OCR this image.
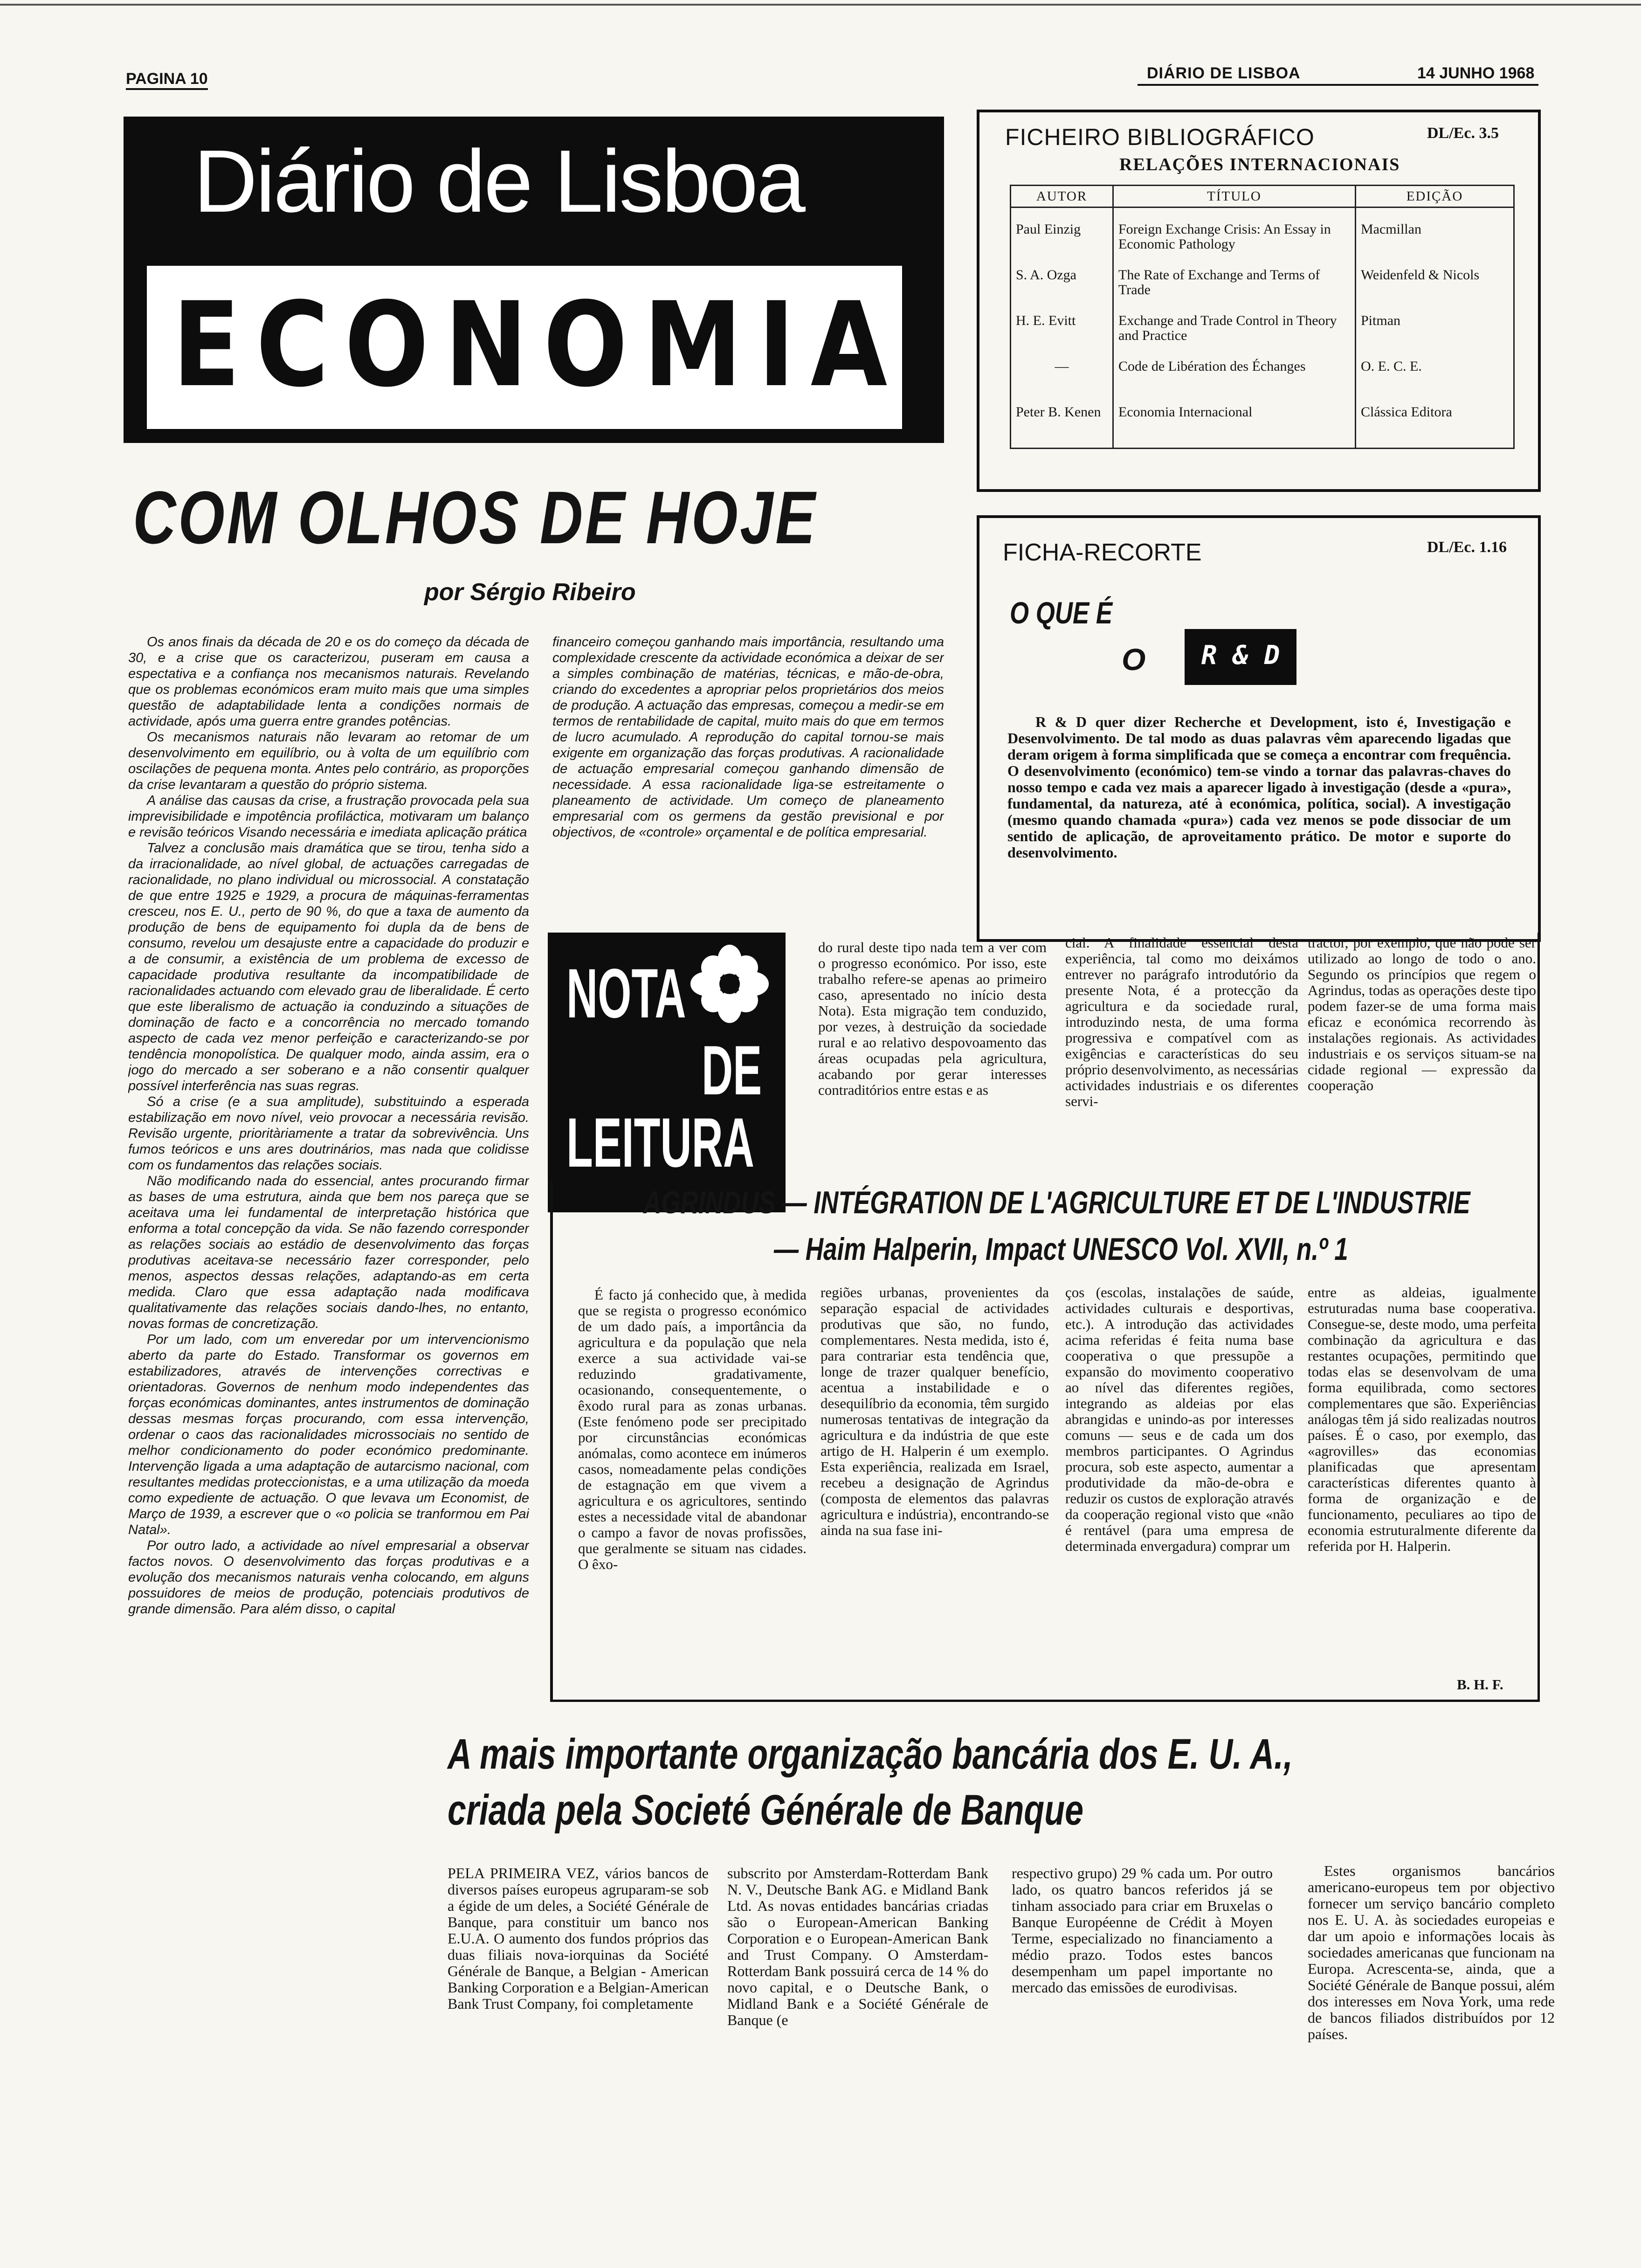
PAGINA 10	DIÁRIO DE LISBOA	14 JUNHO 1968
Diário de Lisboa
ECONOMIA
COM OLHOS DE HOJE
por Sérgio Ribeiro

Os anos finais da década de 20 e os do começo da década de 30, e a crise que os caracterizou, puseram em causa a espectativa e a confiança nos mecanismos naturais. Revelando que os problemas económicos eram muito mais que uma simples questão de adaptabilidade lenta a condições normais de actividade, após uma guerra entre grandes potências.

Os mecanismos naturais não levaram ao retomar de um desenvolvimento em equilíbrio, ou à volta de um equilíbrio com oscilações de pequena monta. Antes pelo contrário, as proporções da crise levantaram a questão do próprio sistema.

A análise das causas da crise, a frustração provocada pela sua imprevisibilidade e impotência profiláctica, motivaram um balanço e revisão teóricos Visando necessária e imediata aplicação prática

Talvez a conclusão mais dramática que se tirou, tenha sido a da irracionalidade, ao nível global, de actuações carregadas de racionalidade, no plano individual ou microssocial. A constatação de que entre 1925 e 1929, a procura de máquinas-ferramentas cresceu, nos E. U., perto de 90 %, do que a taxa de aumento da produção de bens de equipamento foi dupla da de bens de consumo, revelou um desajuste entre a capacidade do produzir e a de consumir, a existência de um problema de excesso de capacidade produtiva resultante da incompatibilidade de racionalidades actuando com elevado grau de liberalidade. É certo que este liberalismo de actuação ia conduzindo a situações de dominação de facto e a concorrência no mercado tomando aspecto de cada vez menor perfeição e caracterizando-se por tendência monopolística. De qualquer modo, ainda assim, era o jogo do mercado a ser soberano e a não consentir qualquer possível interferência nas suas regras.

Só a crise (e a sua amplitude), substituindo a esperada estabilização em novo nível, veio provocar a necessária revisão. Revisão urgente, prioritàriamente a tratar da sobrevivência. Uns fumos teóricos e uns ares doutrinários, mas nada que colidisse com os fundamentos das relações sociais.

Não modificando nada do essencial, antes procurando firmar as bases de uma estrutura, ainda que bem nos pareça que se aceitava uma lei fundamental de interpretação histórica que enforma a total concepção da vida. Se não fazendo corresponder as relações sociais ao estádio de desenvolvimento das forças produtivas aceitava-se necessário fazer corresponder, pelo menos, aspectos dessas relações, adaptando-as em certa medida. Claro que essa adaptação nada modificava qualitativamente das relações sociais dando-lhes, no entanto, novas formas de concretização.

Por um lado, com um enveredar por um intervencionismo aberto da parte do Estado. Transformar os governos em estabilizadores, através de intervenções correctivas e orientadoras. Governos de nenhum modo independentes das forças económicas dominantes, antes instrumentos de dominação dessas mesmas forças procurando, com essa intervenção, ordenar o caos das racionalidades microssociais no sentido de melhor condicionamento do poder económico predominante. Intervenção ligada a uma adaptação de autarcismo nacional, com resultantes medidas proteccionistas, e a uma utilização da moeda como expediente de actuação. O que levava um Economist, de Março de 1939, a escrever que o «o policia se tranformou em Pai Natal».

Por outro lado, a actividade ao nível empresarial a observar factos novos. O desenvolvimento das forças produtivas e a evolução dos mecanismos naturais venha colocando, em alguns possuidores de meios de produção, potenciais produtivos de grande dimensão. Para além disso, o capital

financeiro começou ganhando mais importância, resultando uma complexidade crescente da actividade económica a deixar de ser a simples combinação de matérias, técnicas, e mão-de-obra, criando do excedentes a apropriar pelos proprietários dos meios de produção. A actuação das empresas, começou a medir-se em termos de rentabilidade de capital, muito mais do que em termos de lucro acumulado. A reprodução do capital tornou-se mais exigente em organização das forças produtivas. A racionalidade de actuação empresarial começou ganhando dimensão de necessidade. A essa racionalidade liga-se estreitamente o planeamento de actividade. Um começo de planeamento empresarial com os germens da gestão previsional e por objectivos, de «controle» orçamental e de política empresarial.

FICHEIRO BIBLIOGRÁFICO	DL/Ec. 3.5
RELAÇÕES INTERNACIONAIS
AUTOR	TÍTULO	EDIÇÃO
Paul Einzig	Foreign Exchange Crisis: An Essay in Economic Pathology	Macmillan
S. A. Ozga	The Rate of Exchange and Terms of Trade	Weidenfeld & Nicols
H. E. Evitt	Exchange and Trade Control in Theory and Practice	Pitman
—	Code de Libération des Échanges	O. E. C. E.
Peter B. Kenen	Economia Internacional	Clássica Editora
FICHA-RECORTE	DL/Ec. 1.16
O QUE É
O	R & D
R & D quer dizer Recherche et Development, isto é, Investigação e Desenvolvimento. De tal modo as duas palavras vêm aparecendo ligadas que deram origem à forma simplificada que se começa a encontrar com frequência. O desenvolvimento (económico) tem-se vindo a tornar das palavras-chaves do nosso tempo e cada vez mais a aparecer ligado à investigação (desde a «pura», fundamental, da natureza, até à económica, política, social). A investigação (mesmo quando chamada «pura») cada vez menos se pode dissociar de um sentido de aplicação, de aproveitamento prático. De motor e suporte do desenvolvimento.
NOTA
DE
LEITURA
do rural deste tipo nada tem a ver com o progresso económico. Por isso, este trabalho refere-se apenas ao primeiro caso, apresentado no início desta Nota). Esta migração tem conduzido, por vezes, à destruição da sociedade rural e ao relativo despovoamento das áreas ocupadas pela agricultura, acabando por gerar interesses contraditórios entre estas e as
cial. A finalidade essencial desta experiência, tal como mo deixámos entrever no parágrafo introdutório da presente Nota, é a protecção da agricultura e da sociedade rural, introduzindo nesta, de uma forma progressiva e compatível com as exigências e características do seu próprio desenvolvimento, as necessárias actividades industriais e os diferentes servi-
tractor, por exemplo, que não pode ser utilizado ao longo de todo o ano. Segundo os princípios que regem o Agrindus, todas as operações deste tipo podem fazer-se de uma forma mais eficaz e económica recorrendo às instalações regionais. As actividades industriais e os serviços situam-se na cidade regional — expressão da cooperação
AGRINDUS — INTÉGRATION DE L'AGRICULTURE ET DE L'INDUSTRIE
— Haim Halperin, Impact UNESCO Vol. XVII, n.º 1
É facto já conhecido que, à medida que se regista o progresso económico de um dado país, a importância da agricultura e da população que nela exerce a sua actividade vai-se reduzindo gradativamente, ocasionando, consequentemente, o êxodo rural para as zonas urbanas. (Este fenómeno pode ser precipitado por circunstâncias económicas anómalas, como acontece em inúmeros casos, nomeadamente pelas condições de estagnação em que vivem a agricultura e os agricultores, sentindo estes a necessidade vital de abandonar o campo a favor de novas profissões, que geralmente se situam nas cidades. O êxo-
regiões urbanas, provenientes da separação espacial de actividades produtivas que são, no fundo, complementares. Nesta medida, isto é, para contrariar esta tendência que, longe de trazer qualquer benefício, acentua a instabilidade e o desequilíbrio da economia, têm surgido numerosas tentativas de integração da agricultura e da indústria de que este artigo de H. Halperin é um exemplo. Esta experiência, realizada em Israel, recebeu a designação de Agrindus (composta de elementos das palavras agricultura e indústria), encontrando-se ainda na sua fase ini-
ços (escolas, instalações de saúde, actividades culturais e desportivas, etc.). A introdução das actividades acima referidas é feita numa base cooperativa o que pressupõe a expansão do movimento cooperativo ao nível das diferentes regiões, integrando as aldeias por elas abrangidas e unindo-as por interesses comuns — seus e de cada um dos membros participantes. O Agrindus procura, sob este aspecto, aumentar a produtividade da mão-de-obra e reduzir os custos de exploração através da cooperação regional visto que «não é rentável (para uma empresa de determinada envergadura) comprar um
entre as aldeias, igualmente estruturadas numa base cooperativa. Consegue-se, deste modo, uma perfeita combinação da agricultura e das restantes ocupações, permitindo que todas elas se desenvolvam de uma forma equilibrada, como sectores complementares que são. Experiências análogas têm já sido realizadas noutros países. É o caso, por exemplo, das «agrovilles» das economias planificadas que apresentam características diferentes quanto à forma de organização e de funcionamento, peculiares ao tipo de economia estruturalmente diferente da referida por H. Halperin.
B. H. F.
A mais importante organização bancária dos E. U. A.,
criada pela Societé Générale de Banque
PELA PRIMEIRA VEZ, vários bancos de diversos países europeus agruparam-se sob a égide de um deles, a Société Générale de Banque, para constituir um banco nos E.U.A. O aumento dos fundos próprios das duas filiais nova-iorquinas da Société Générale de Banque, a Belgian - American Banking Corporation e a Belgian-American Bank Trust Company, foi completamente
subscrito por Amsterdam-Rotterdam Bank N. V., Deutsche Bank AG. e Midland Bank Ltd. As novas entidades bancárias criadas são o European-American Banking Corporation e o European-American Bank and Trust Company. O Amsterdam-Rotterdam Bank possuirá cerca de 14 % do novo capital, e o Deutsche Bank, o Midland Bank e a Société Générale de Banque (e
respectivo grupo) 29 % cada um. Por outro lado, os quatro bancos referidos já se tinham associado para criar em Bruxelas o Banque Européenne de Crédit à Moyen Terme, especializado no financiamento a médio prazo. Todos estes bancos desempenham um papel importante no mercado das emissões de eurodivisas.
Estes organismos bancários americano-europeus tem por objectivo fornecer um serviço bancário completo nos E. U. A. às sociedades europeias e dar um apoio e informações locais às sociedades americanas que funcionam na Europa. Acrescenta-se, ainda, que a Société Générale de Banque possui, além dos interesses em Nova York, uma rede de bancos filiados distribuídos por 12 países.
